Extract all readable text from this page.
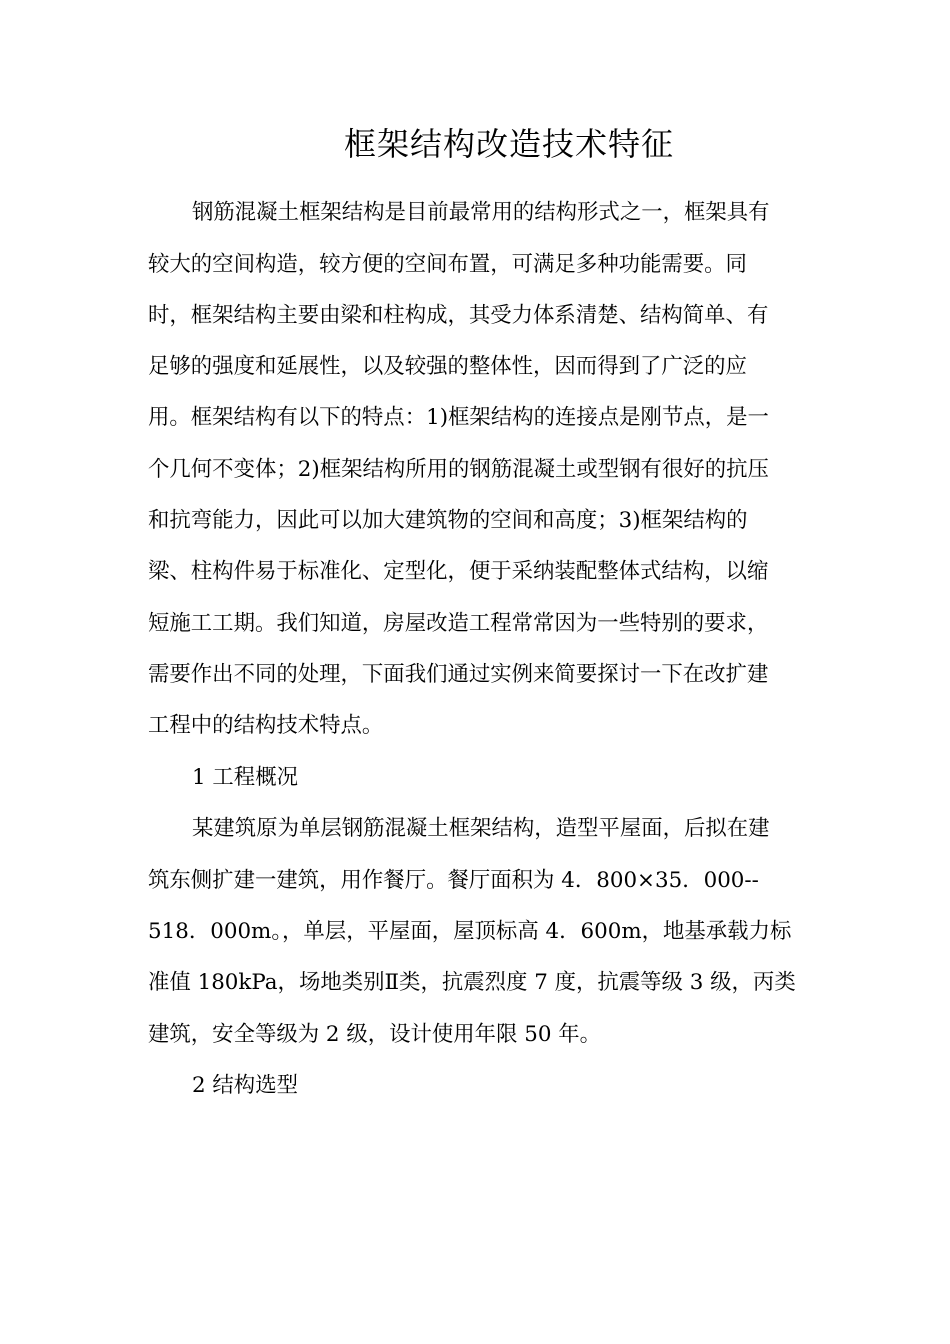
框架结构改造技术特征

钢筋混凝土框架结构是目前最常用的结构形式之一，框架具有

较大的空间构造，较方便的空间布置，可满足多种功能需要。同

时，框架结构主要由梁和柱构成，其受力体系清楚、结构简单、有

足够的强度和延展性，以及较强的整体性，因而得到了广泛的应

用。框架结构有以下的特点：1)框架结构的连接点是刚节点，是一

个几何不变体；2)框架结构所用的钢筋混凝土或型钢有很好的抗压

和抗弯能力，因此可以加大建筑物的空间和高度；3)框架结构的

梁、柱构件易于标准化、定型化，便于采纳装配整体式结构，以缩

短施工工期。我们知道，房屋改造工程常常因为一些特别的要求，

需要作出不同的处理，下面我们通过实例来简要探讨一下在改扩建

工程中的结构技术特点。

1 工程概况

某建筑原为单层钢筋混凝土框架结构，造型平屋面，后拟在建

筑东侧扩建一建筑，用作餐厅。餐厅面积为 4．800×35．000--

518．000m。，单层，平屋面，屋顶标高 4．600m，地基承载力标

准值 180kPa，场地类别Ⅱ类，抗震烈度 7 度，抗震等级 3 级，丙类

建筑，安全等级为 2 级，设计使用年限 50 年。

2 结构选型
